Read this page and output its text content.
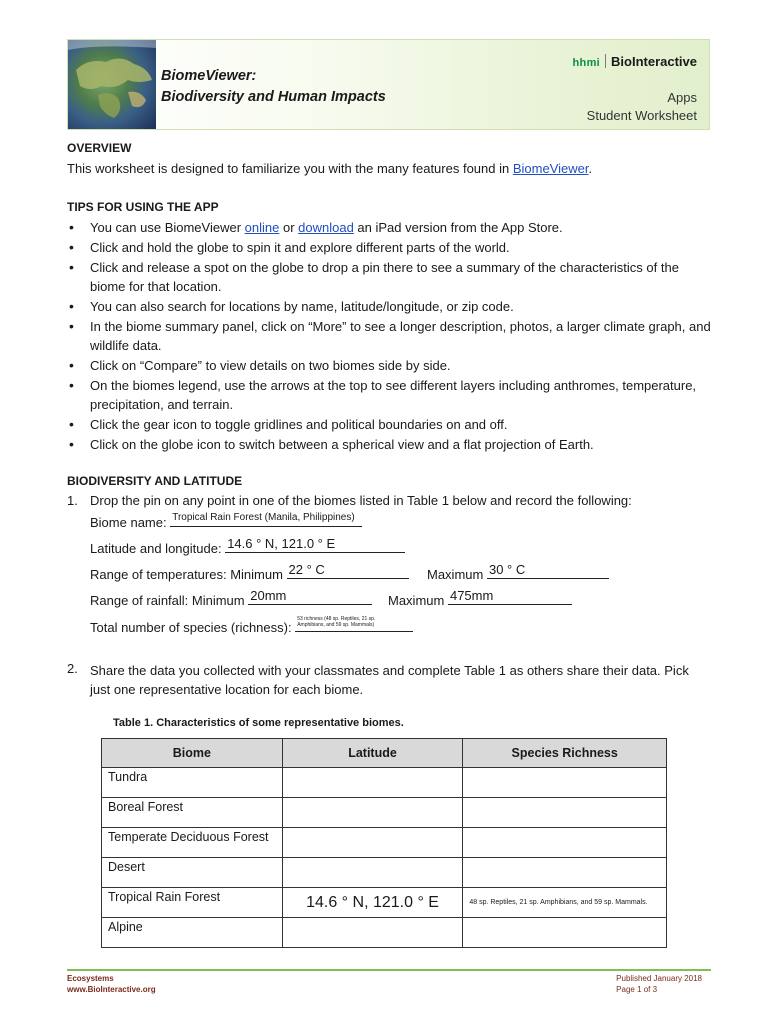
BiomeViewer:
Biodiversity and Human Impacts
hhmi BioInteractive
Apps
Student Worksheet
OVERVIEW
This worksheet is designed to familiarize you with the many features found in BiomeViewer.
TIPS FOR USING THE APP
• You can use BiomeViewer online or download an iPad version from the App Store.
• Click and hold the globe to spin it and explore different parts of the world.
• Click and release a spot on the globe to drop a pin there to see a summary of the characteristics of the biome for that location.
• You can also search for locations by name, latitude/longitude, or zip code.
• In the biome summary panel, click on “More” to see a longer description, photos, a larger climate graph, and wildlife data.
• Click on “Compare” to view details on two biomes side by side.
• On the biomes legend, use the arrows at the top to see different layers including anthromes, temperature, precipitation, and terrain.
• Click the gear icon to toggle gridlines and political boundaries on and off.
• Click on the globe icon to switch between a spherical view and a flat projection of Earth.
BIODIVERSITY AND LATITUDE
1. Drop the pin on any point in one of the biomes listed in Table 1 below and record the following:
Biome name: Tropical Rain Forest (Manila, Philippines)
Latitude and longitude: 14.6 ° N, 121.0 ° E
Range of temperatures: Minimum 22 ° C	Maximum 30 ° C
Range of rainfall: Minimum 20mm	Maximum 475mm
Total number of species (richness):
53 richness (48 sp. Reptiles, 21 sp. Amphibians, and 59 sp. Mammals)
2. Share the data you collected with your classmates and complete Table 1 as others share their data. Pick just one representative location for each biome.
Table 1. Characteristics of some representative biomes.
Biome	Latitude	Species Richness
Tundra		
Boreal Forest		
Temperate Deciduous Forest		
Desert		
Tropical Rain Forest	14.6 ° N, 121.0 ° E	48 sp. Reptiles, 21 sp. Amphibians, and 59 sp. Mammals.
Alpine		
Ecosystems
www.BioInteractive.org
Published January 2018
Page 1 of 3
